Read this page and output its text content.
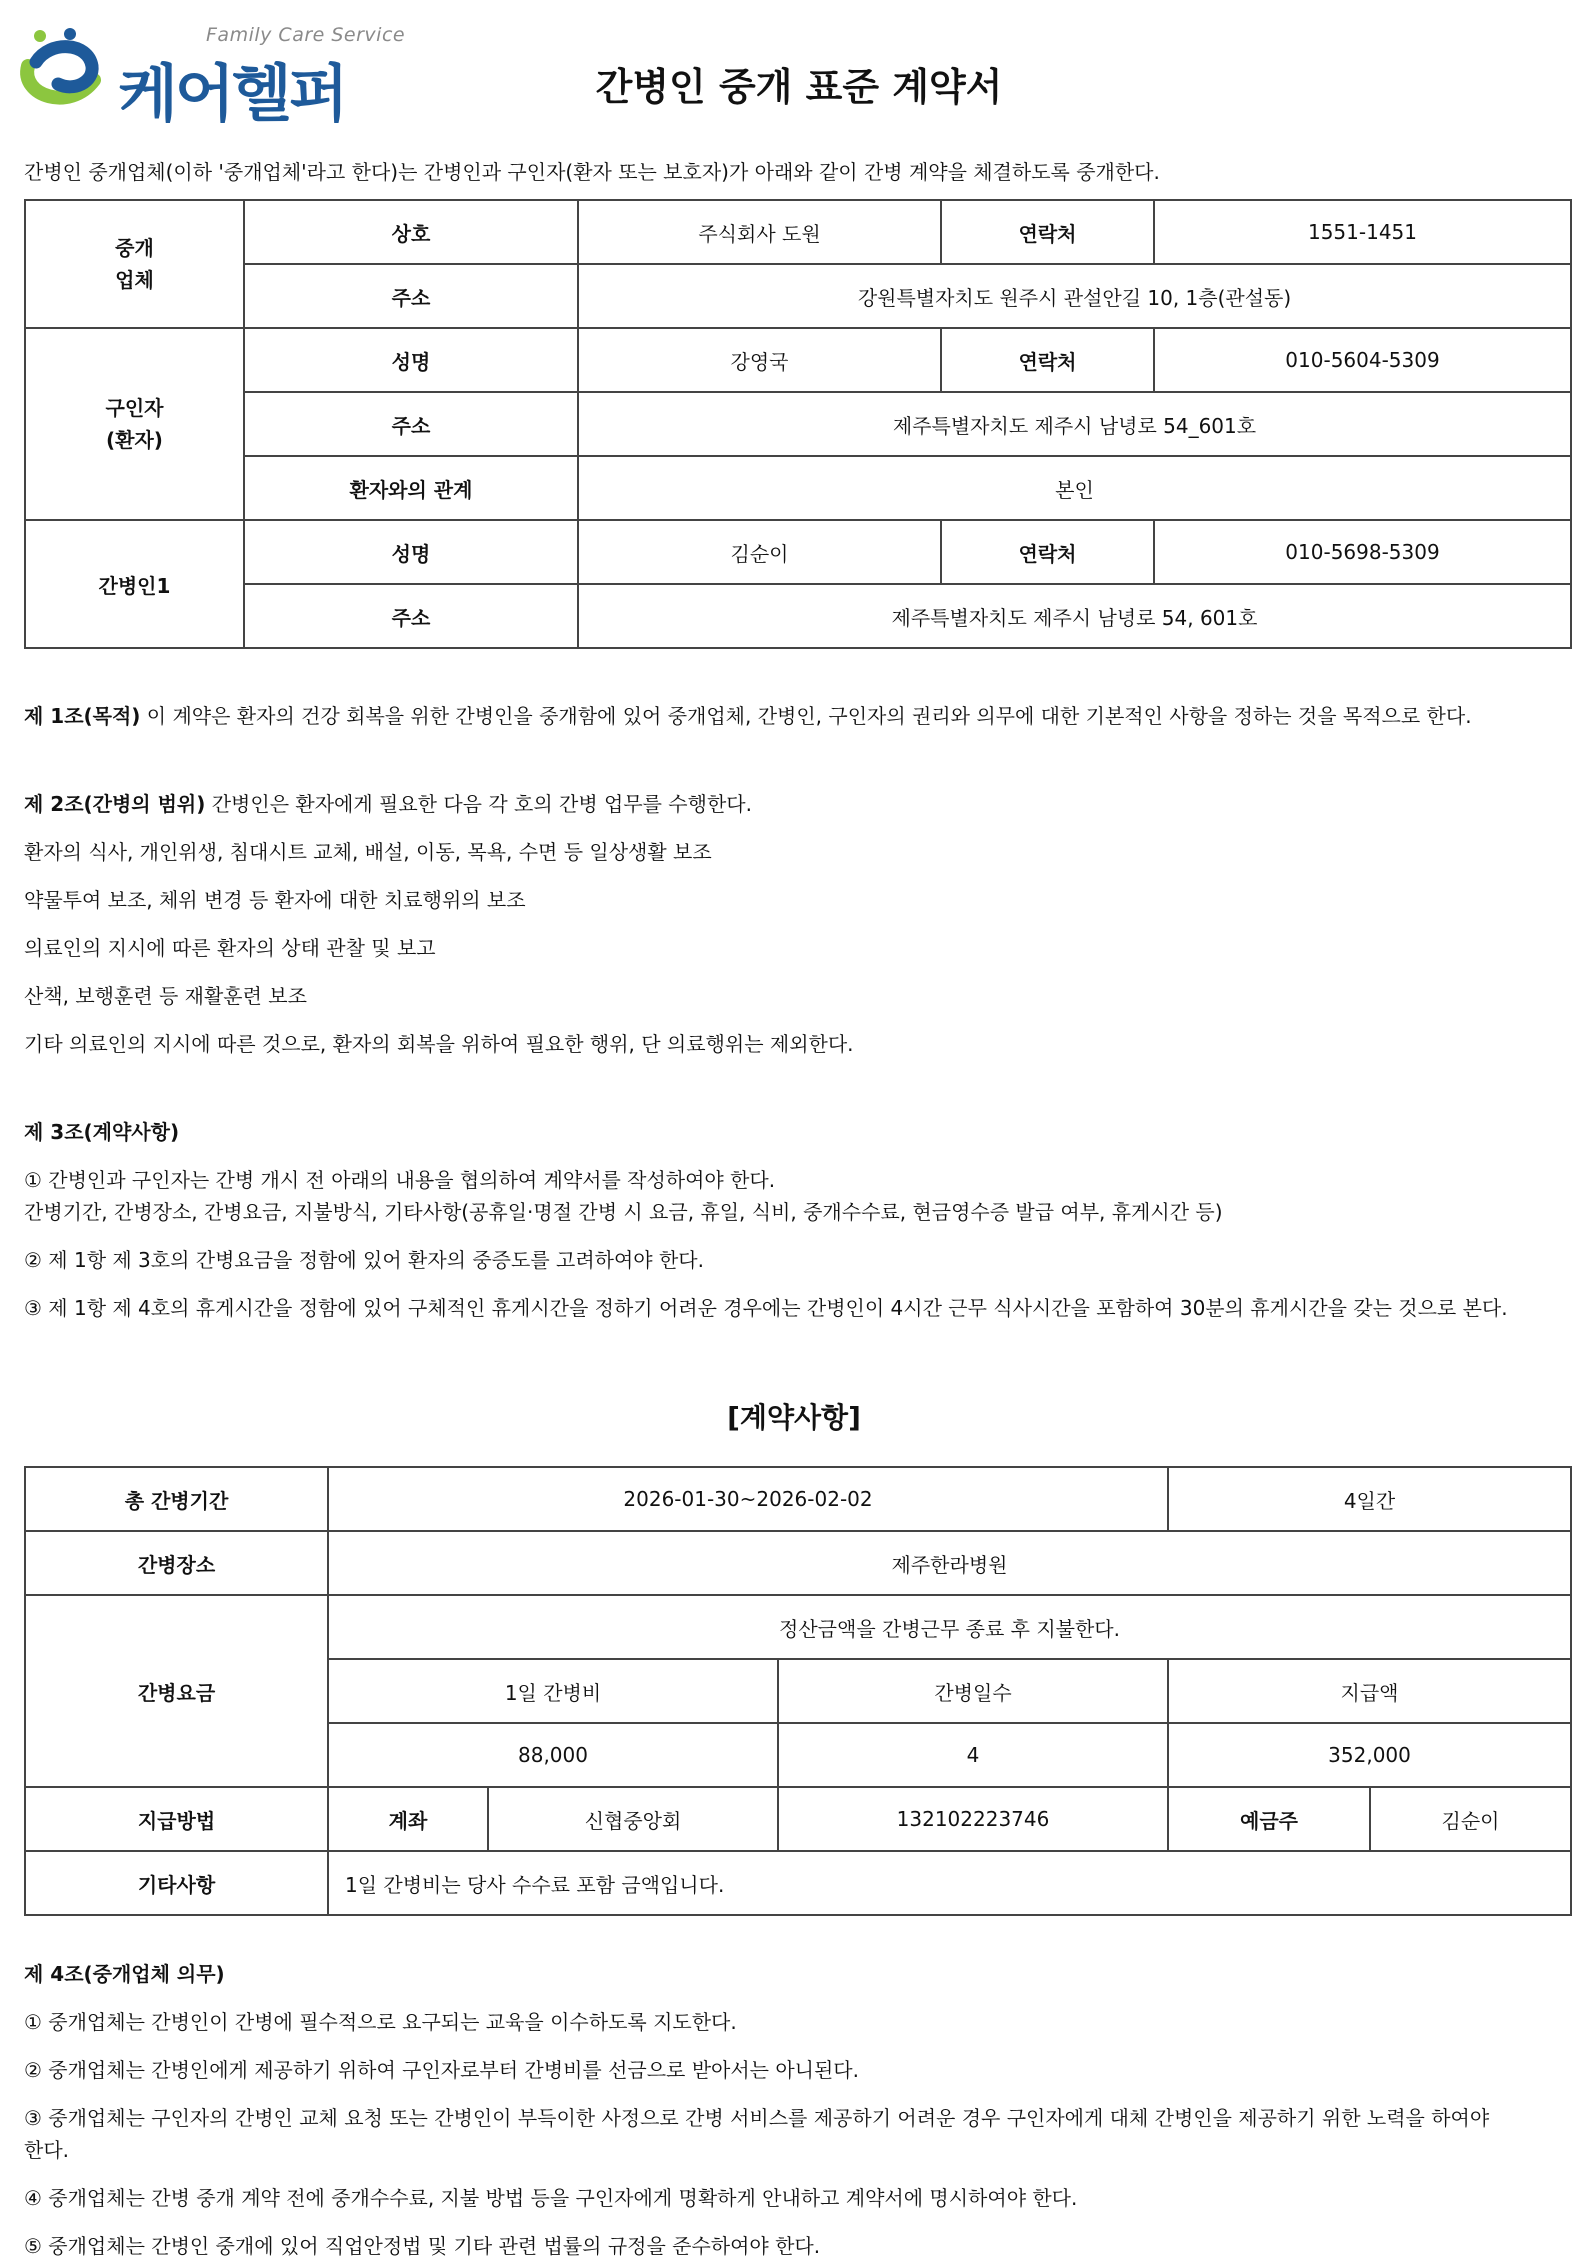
Family Care Service
케어헬퍼	간병인 중개 표준 계약서
간병인 중개업체(이하 '중개업체'라고 한다)는 간병인과 구인자(환자 또는 보호자)가 아래와 같이 간병 계약을 체결하도록 중개한다.
중개
업체	상호	주식회사 도원	연락처	1551-1451
	주소	강원특별자치도 원주시 관설안길 10, 1층(관설동)		
구인자
(환자)	성명	강영국	연락처	010-5604-5309
	주소	제주특별자치도 제주시 남녕로 54_601호		
	환자와의 관계	본인		
간병인1	성명	김순이	연락처	010-5698-5309
	주소	제주특별자치도 제주시 남녕로 54, 601호		
제 1조(목적) 이 계약은 환자의 건강 회복을 위한 간병인을 중개함에 있어 중개업체, 간병인, 구인자의 권리와 의무에 대한 기본적인 사항을 정하는 것을 목적으로 한다.
제 2조(간병의 범위) 간병인은 환자에게 필요한 다음 각 호의 간병 업무를 수행한다.
환자의 식사, 개인위생, 침대시트 교체, 배설, 이동, 목욕, 수면 등 일상생활 보조
약물투여 보조, 체위 변경 등 환자에 대한 치료행위의 보조
의료인의 지시에 따른 환자의 상태 관찰 및 보고
산책, 보행훈련 등 재활훈련 보조
기타 의료인의 지시에 따른 것으로, 환자의 회복을 위하여 필요한 행위, 단 의료행위는 제외한다.
제 3조(계약사항)
① 간병인과 구인자는 간병 개시 전 아래의 내용을 협의하여 계약서를 작성하여야 한다.
간병기간, 간병장소, 간병요금, 지불방식, 기타사항(공휴일·명절 간병 시 요금, 휴일, 식비, 중개수수료, 현금영수증 발급 여부, 휴게시간 등)
② 제 1항 제 3호의 간병요금을 정함에 있어 환자의 중증도를 고려하여야 한다.
③ 제 1항 제 4호의 휴게시간을 정함에 있어 구체적인 휴게시간을 정하기 어려운 경우에는 간병인이 4시간 근무 식사시간을 포함하여 30분의 휴게시간을 갖는 것으로 본다.
[계약사항]
총 간병기간	2026-01-30~2026-02-02			4일간	
간병장소	제주한라병원				
간병요금	정산금액을 간병근무 종료 후 지불한다.				
	1일 간병비		간병일수	지급액	
	88,000		4	352,000	
지급방법	계좌	신협중앙회	132102223746	예금주	김순이
기타사항	1일 간병비는 당사 수수료 포함 금액입니다.				
제 4조(중개업체 의무)
① 중개업체는 간병인이 간병에 필수적으로 요구되는 교육을 이수하도록 지도한다.
② 중개업체는 간병인에게 제공하기 위하여 구인자로부터 간병비를 선금으로 받아서는 아니된다.
③ 중개업체는 구인자의 간병인 교체 요청 또는 간병인이 부득이한 사정으로 간병 서비스를 제공하기 어려운 경우 구인자에게 대체 간병인을 제공하기 위한 노력을 하여야
한다.
④ 중개업체는 간병 중개 계약 전에 중개수수료, 지불 방법 등을 구인자에게 명확하게 안내하고 계약서에 명시하여야 한다.
⑤ 중개업체는 간병인 중개에 있어 직업안정법 및 기타 관련 법률의 규정을 준수하여야 한다.
